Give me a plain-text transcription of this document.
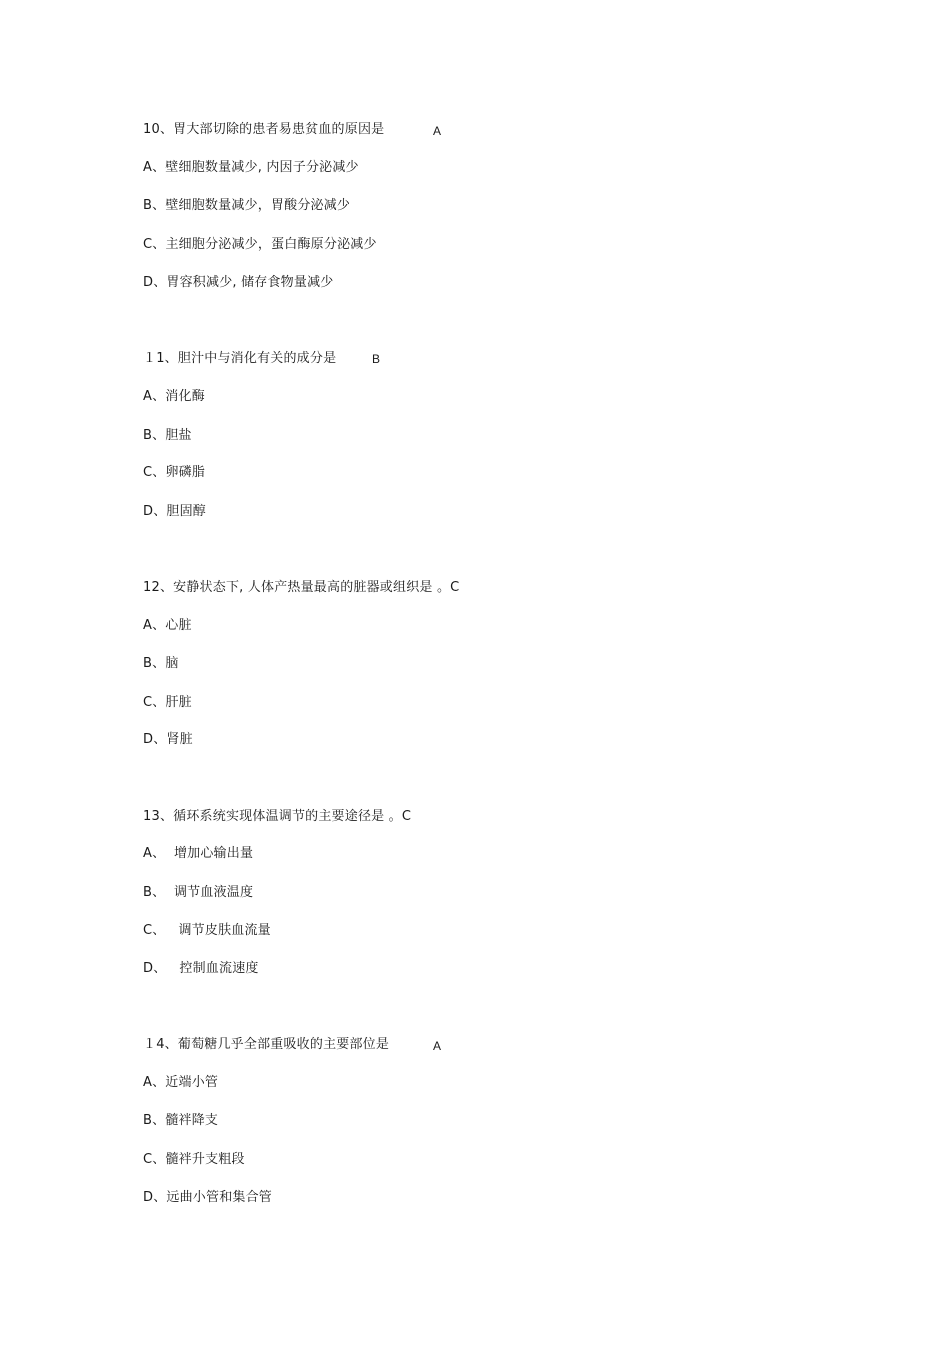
10、胃大部切除的患者易患贫血的原因是	A
A、壁细胞数量减少, 内因子分泌减少
B、壁细胞数量减少，胃酸分泌减少
C、主细胞分泌减少，蛋白酶原分泌减少
D、胃容积减少, 储存食物量减少
１1、胆汁中与消化有关的成分是	B
A、消化酶
B、胆盐
C、卵磷脂
D、胆固醇
12、安静状态下, 人体产热量最高的脏器或组织是 。C
A、心脏
B、脑
C、肝脏
D、肾脏
13、循环系统实现体温调节的主要途径是 。C
A、  增加心输出量
B、  调节血液温度
C、   调节皮肤血流量
D、   控制血流速度
１4、葡萄糖几乎全部重吸收的主要部位是	A
A、近端小管
B、髓袢降支
C、髓袢升支粗段
D、远曲小管和集合管
